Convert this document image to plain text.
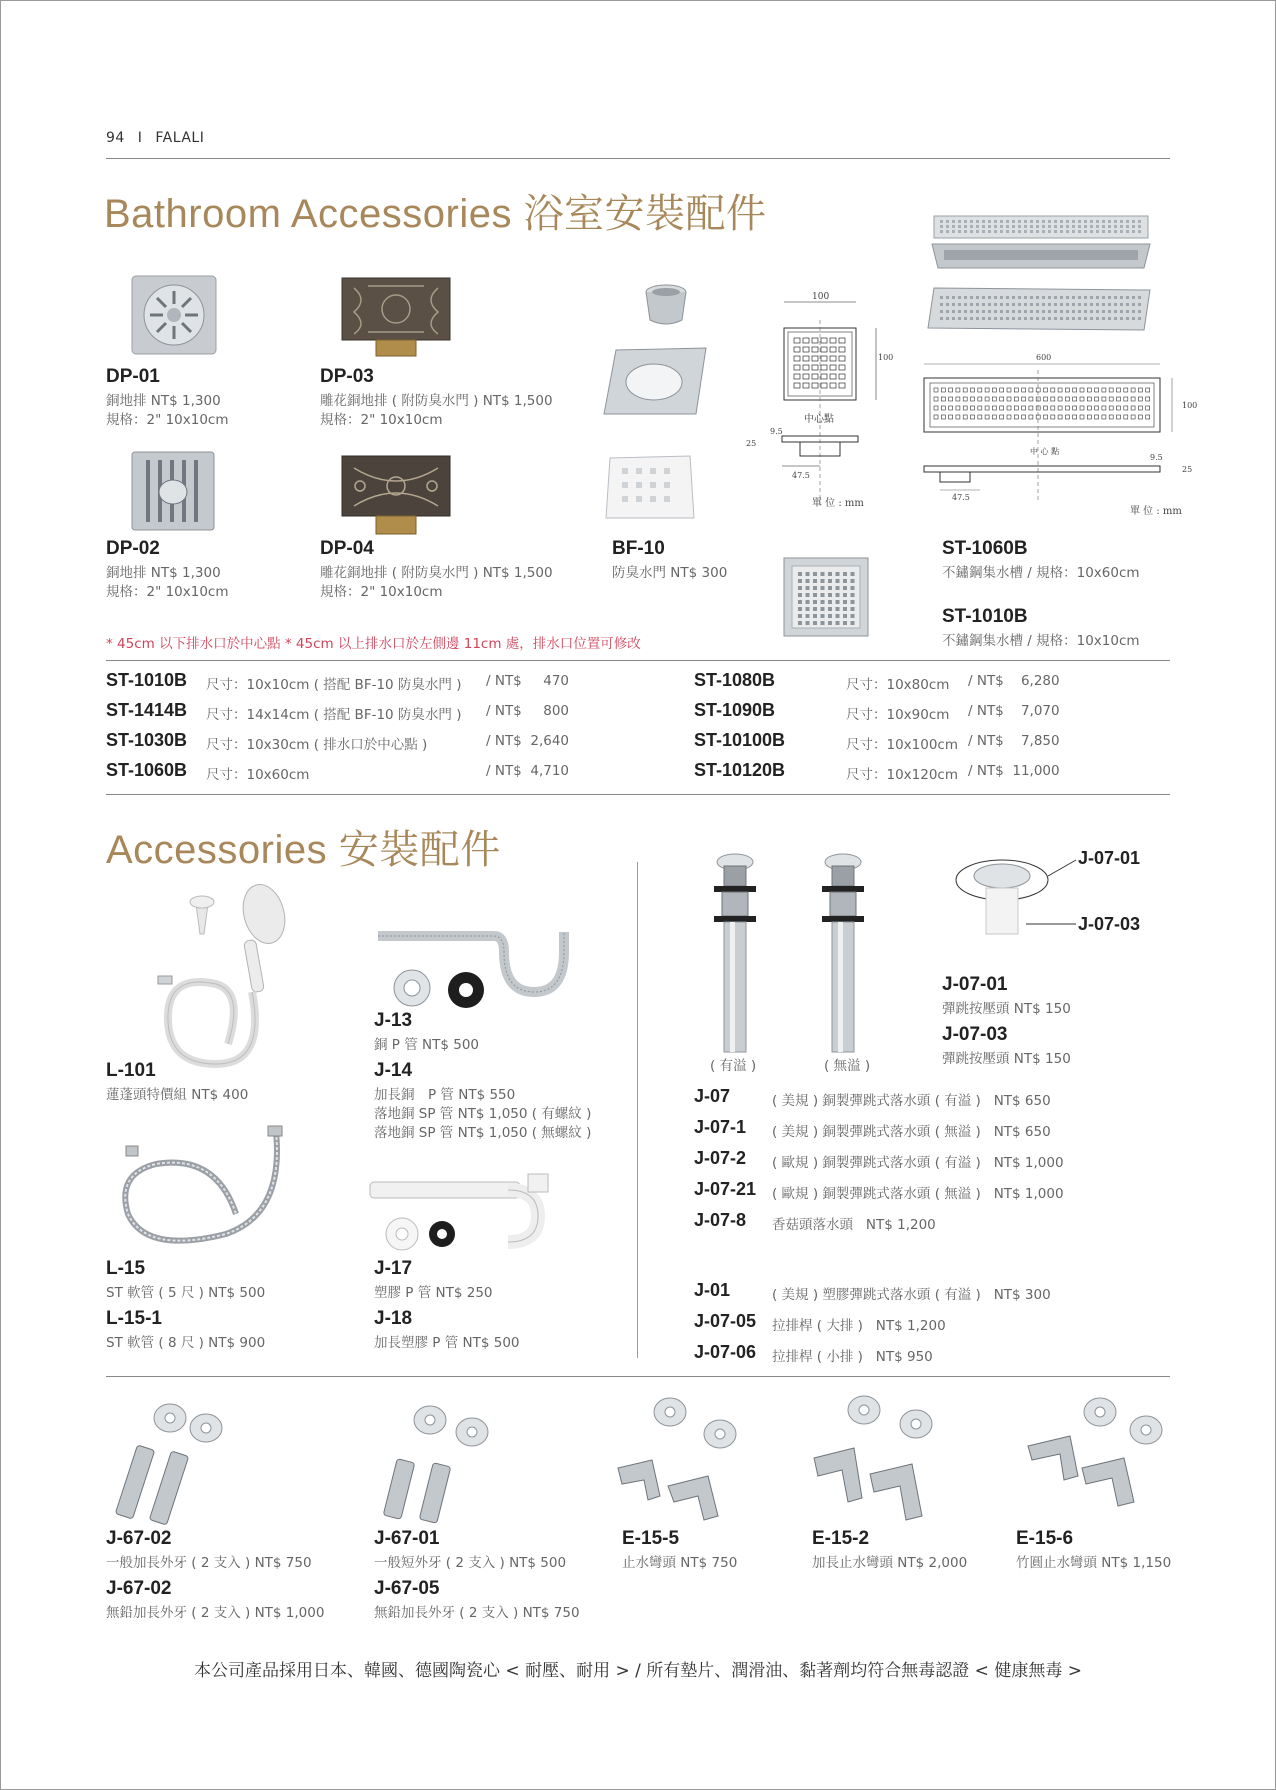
94 I FALALI
Bathroom Accessories 浴室安裝配件
100
100
中心點
9.5
25
47.5
單 位 : mm
600
100
中 心 點
9.5
25
47.5
單 位 : mm
DP-01
銅地排 NT$ 1,300
規格：2" 10x10cm
DP-03
雕花銅地排 ( 附防臭水門 ) NT$ 1,500
規格：2" 10x10cm
DP-02
銅地排 NT$ 1,300
規格：2" 10x10cm
DP-04
雕花銅地排 ( 附防臭水門 ) NT$ 1,500
規格：2" 10x10cm
BF-10
防臭水門 NT$ 300
ST-1060B
不鏽鋼集水槽 / 規格：10x60cm
ST-1010B
不鏽鋼集水槽 / 規格：10x10cm
* 45cm 以下排水口於中心點 * 45cm 以上排水口於左側邊 11cm 處，排水口位置可修改
ST-1010B 尺寸：10x10cm ( 搭配 BF-10 防臭水門 ) / NT$     470
ST-1414B 尺寸：14x14cm ( 搭配 BF-10 防臭水門 ) / NT$     800
ST-1030B 尺寸：10x30cm ( 排水口於中心點 )	/ NT$  2,640
ST-1060B 尺寸：10x60cm	/ NT$  4,710
ST-1080B	尺寸：10x80cm / NT$    6,280
ST-1090B	尺寸：10x90cm / NT$    7,070
ST-10100B	尺寸：10x100cm / NT$    7,850
ST-10120B	尺寸：10x120cm / NT$  11,000
Accessories 安裝配件
J-13
銅 P 管 NT$ 500
L-101
蓮蓬頭特價組 NT$ 400
J-14
加長銅　P 管 NT$ 550
落地銅 SP 管 NT$ 1,050 ( 有螺紋 )
落地銅 SP 管 NT$ 1,050 ( 無螺紋 )
L-15
ST 軟管 ( 5 尺 ) NT$ 500
L-15-1
ST 軟管 ( 8 尺 ) NT$ 900
J-17
塑膠 P 管 NT$ 250
J-18
加長塑膠 P 管 NT$ 500
( 有溢 )	( 無溢 )
J-07-01
J-07-03
J-07-01
彈跳按壓頭 NT$ 150
J-07-03
彈跳按壓頭 NT$ 150
J-07	( 美規 ) 銅製彈跳式落水頭 ( 有溢 )   NT$ 650
J-07-1 ( 美規 ) 銅製彈跳式落水頭 ( 無溢 )   NT$ 650
J-07-2 ( 歐規 ) 銅製彈跳式落水頭 ( 有溢 )   NT$ 1,000
J-07-21 ( 歐規 ) 銅製彈跳式落水頭 ( 無溢 )   NT$ 1,000
J-07-8 香菇頭落水頭   NT$ 1,200
J-01	( 美規 ) 塑膠彈跳式落水頭 ( 有溢 )   NT$ 300
J-07-05 拉排桿 ( 大排 )   NT$ 1,200
J-07-06 拉排桿 ( 小排 )   NT$ 950
J-67-02
一般加長外牙 ( 2 支入 ) NT$ 750
J-67-02
無鉛加長外牙 ( 2 支入 ) NT$ 1,000
J-67-01
一般短外牙 ( 2 支入 ) NT$ 500
J-67-05
無鉛加長外牙 ( 2 支入 ) NT$ 750
E-15-5
止水彎頭 NT$ 750
E-15-2
加長止水彎頭 NT$ 2,000
E-15-6
竹圓止水彎頭 NT$ 1,150
本公司產品採用日本、韓國、德國陶瓷心 < 耐壓、耐用 > / 所有墊片、潤滑油、黏著劑均符合無毒認證 < 健康無毒 >
